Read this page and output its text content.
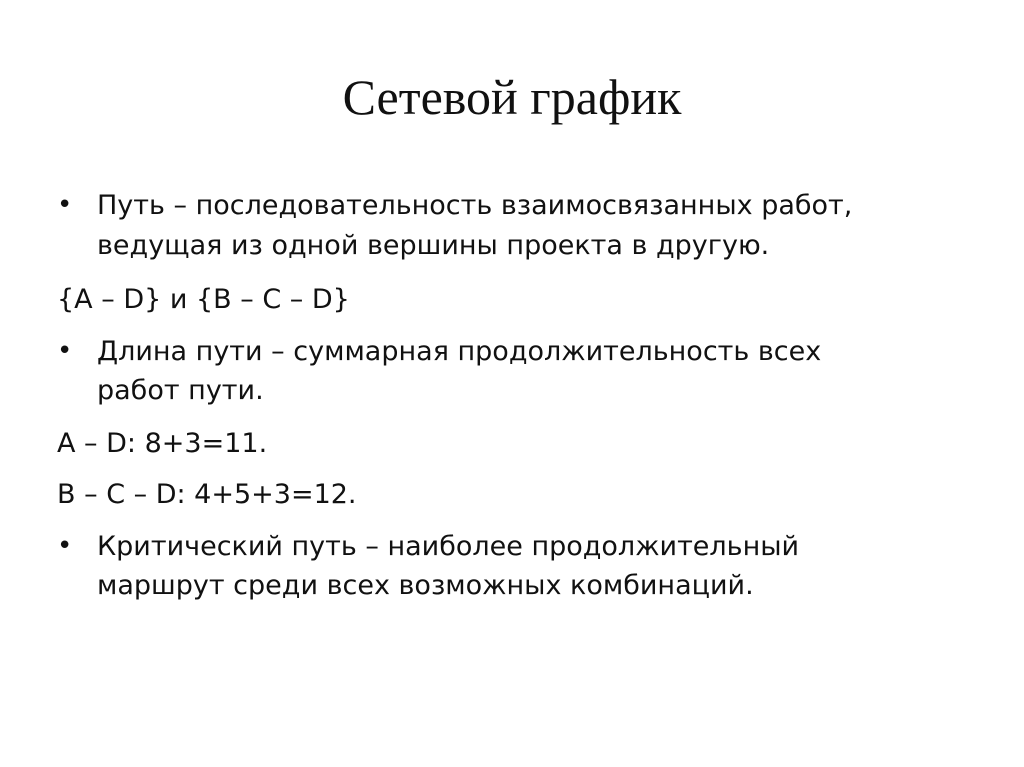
Сетевой график
• Путь – последовательность взаимосвязанных работ,
ведущая из одной вершины проекта в другую.
{A – D} и {B – C – D}
• Длина пути – суммарная продолжительность всех
работ пути.
A – D: 8+3=11.
B – C – D: 4+5+3=12.
• Критический путь – наиболее продолжительный
маршрут среди всех возможных комбинаций.
